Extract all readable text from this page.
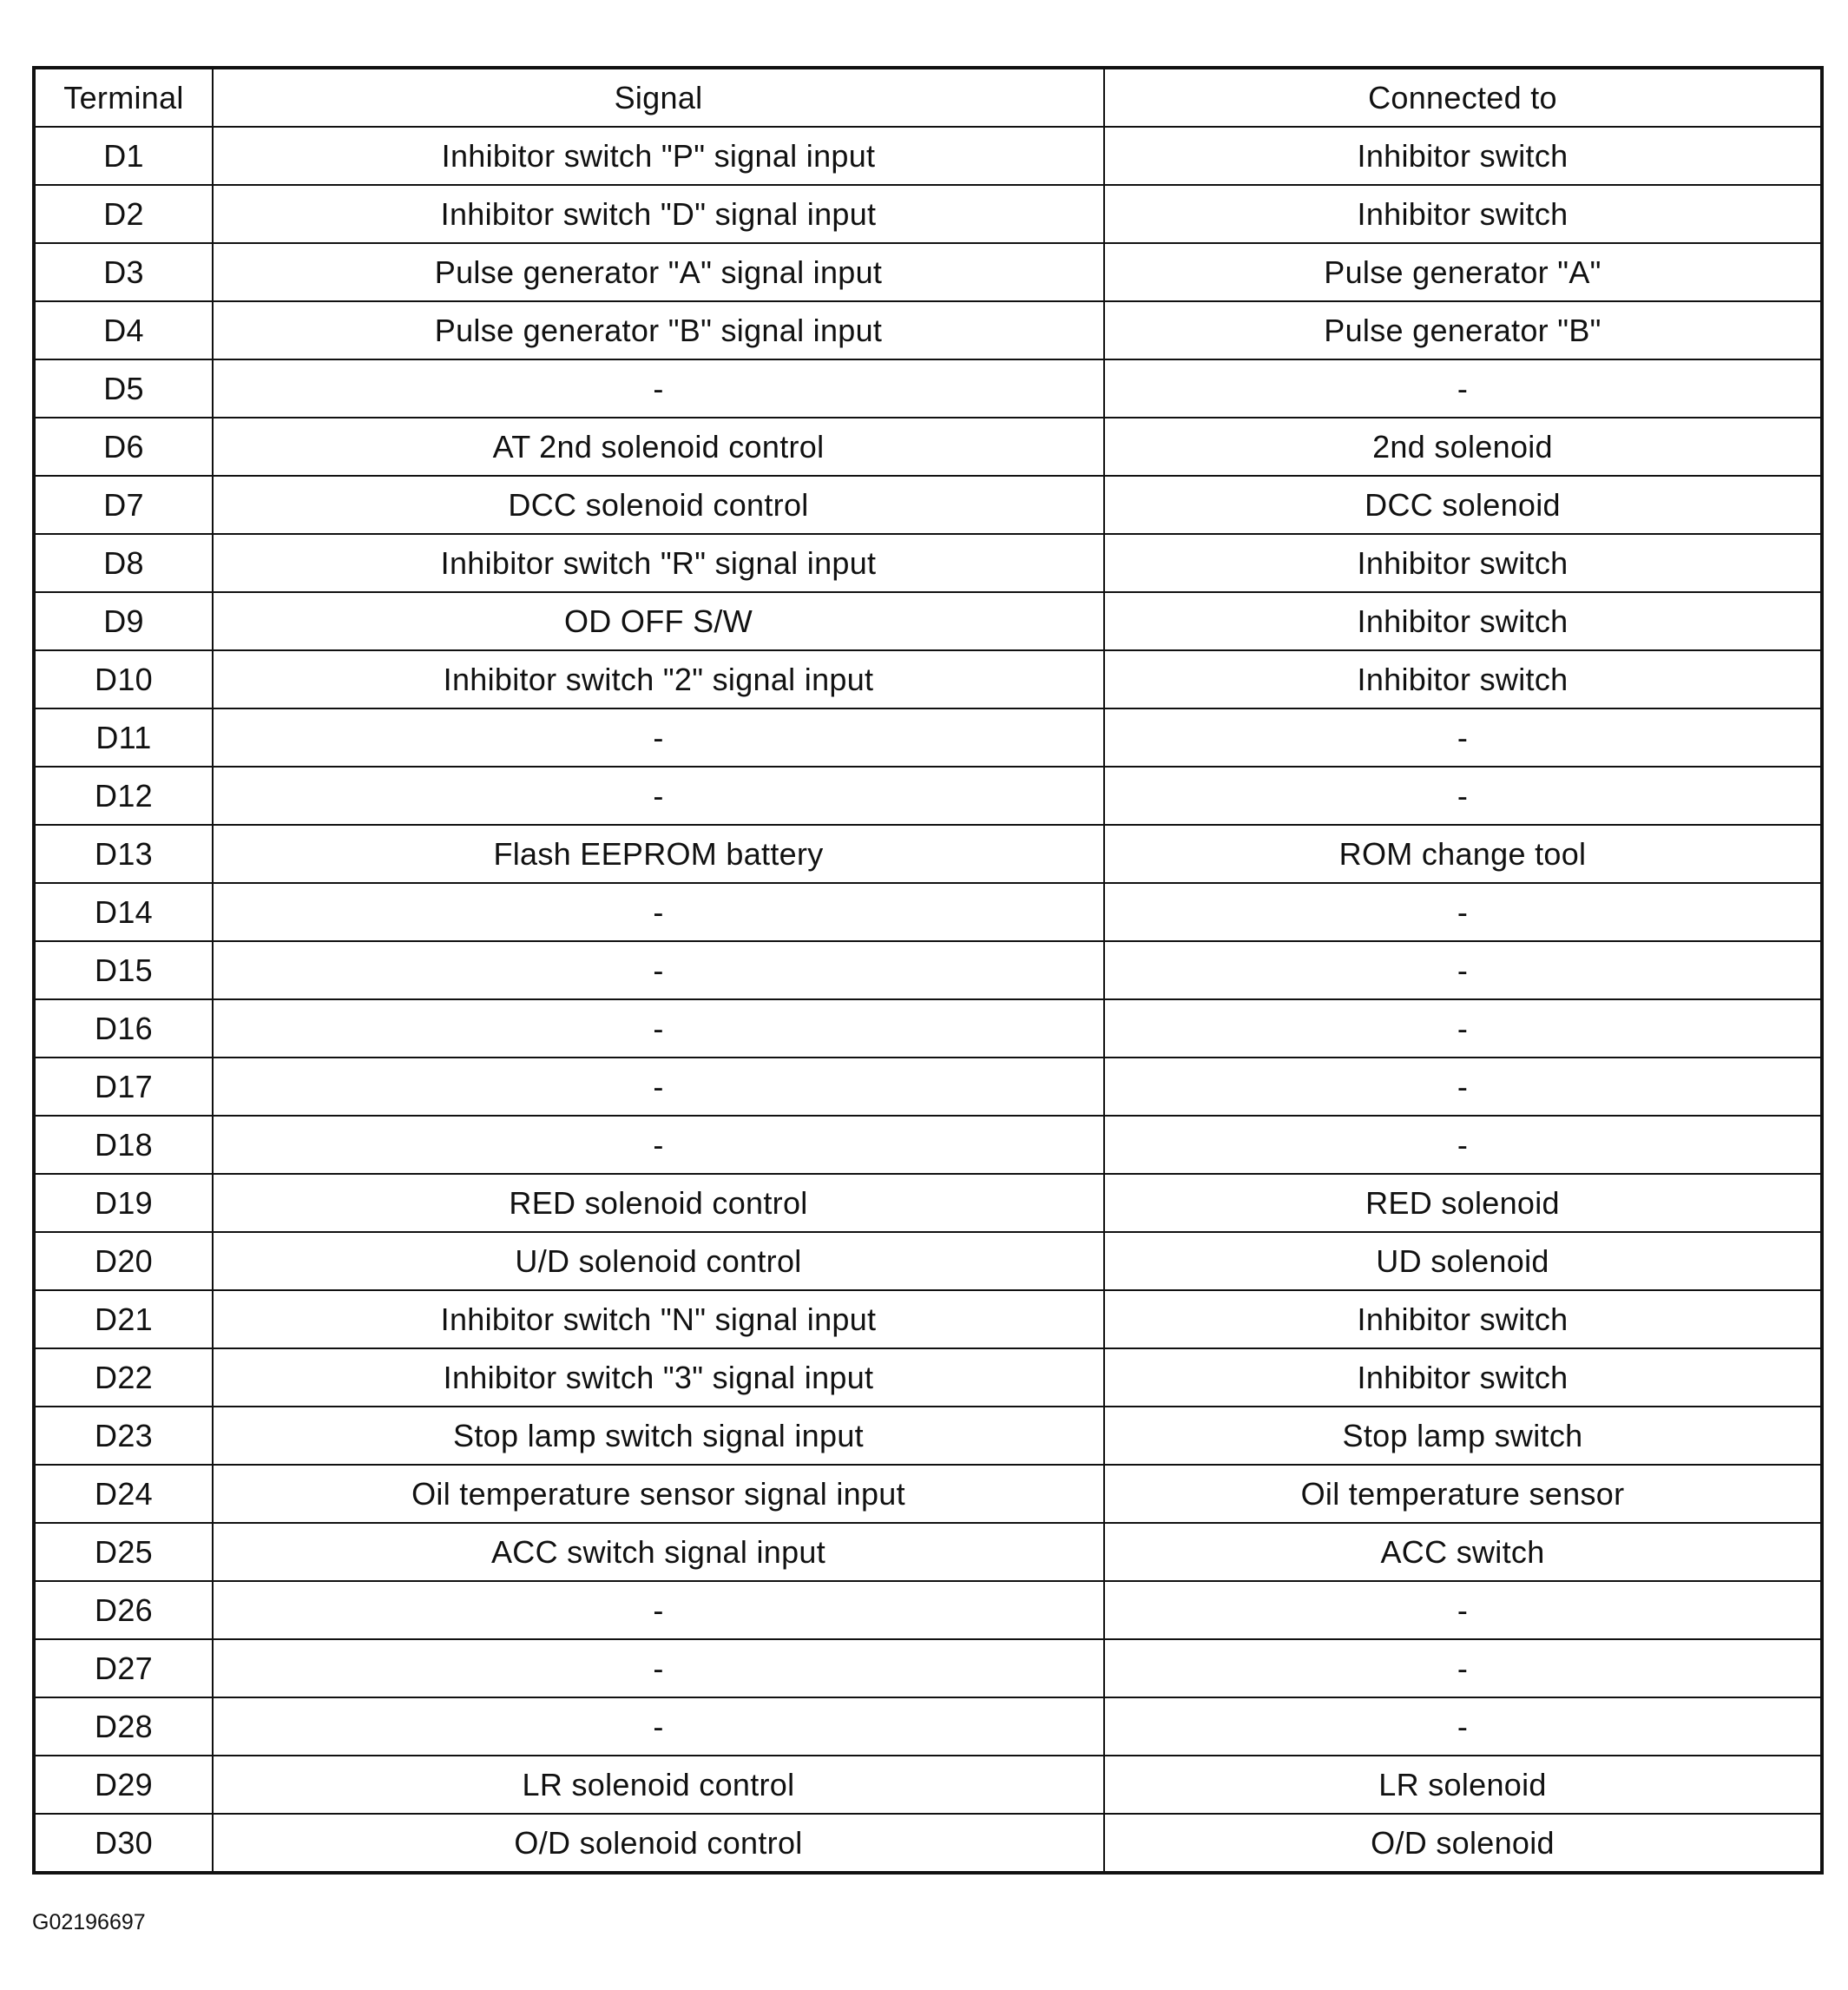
Terminal	Signal	Connected to
D1	Inhibitor switch "P" signal input	Inhibitor switch
D2	Inhibitor switch "D" signal input	Inhibitor switch
D3	Pulse generator "A" signal input	Pulse generator "A"
D4	Pulse generator "B" signal input	Pulse generator "B"
D5	-	-
D6	AT 2nd solenoid control	2nd solenoid
D7	DCC solenoid control	DCC solenoid
D8	Inhibitor switch "R" signal input	Inhibitor switch
D9	OD OFF S/W	Inhibitor switch
D10	Inhibitor switch "2" signal input	Inhibitor switch
D11	-	-
D12	-	-
D13	Flash EEPROM battery	ROM change tool
D14	-	-
D15	-	-
D16	-	-
D17	-	-
D18	-	-
D19	RED solenoid control	RED solenoid
D20	U/D solenoid control	UD solenoid
D21	Inhibitor switch "N" signal input	Inhibitor switch
D22	Inhibitor switch "3" signal input	Inhibitor switch
D23	Stop lamp switch signal input	Stop lamp switch
D24	Oil temperature sensor signal input	Oil temperature sensor
D25	ACC switch signal input	ACC switch
D26	-	-
D27	-	-
D28	-	-
D29	LR solenoid control	LR solenoid
D30	O/D solenoid control	O/D solenoid
G02196697
